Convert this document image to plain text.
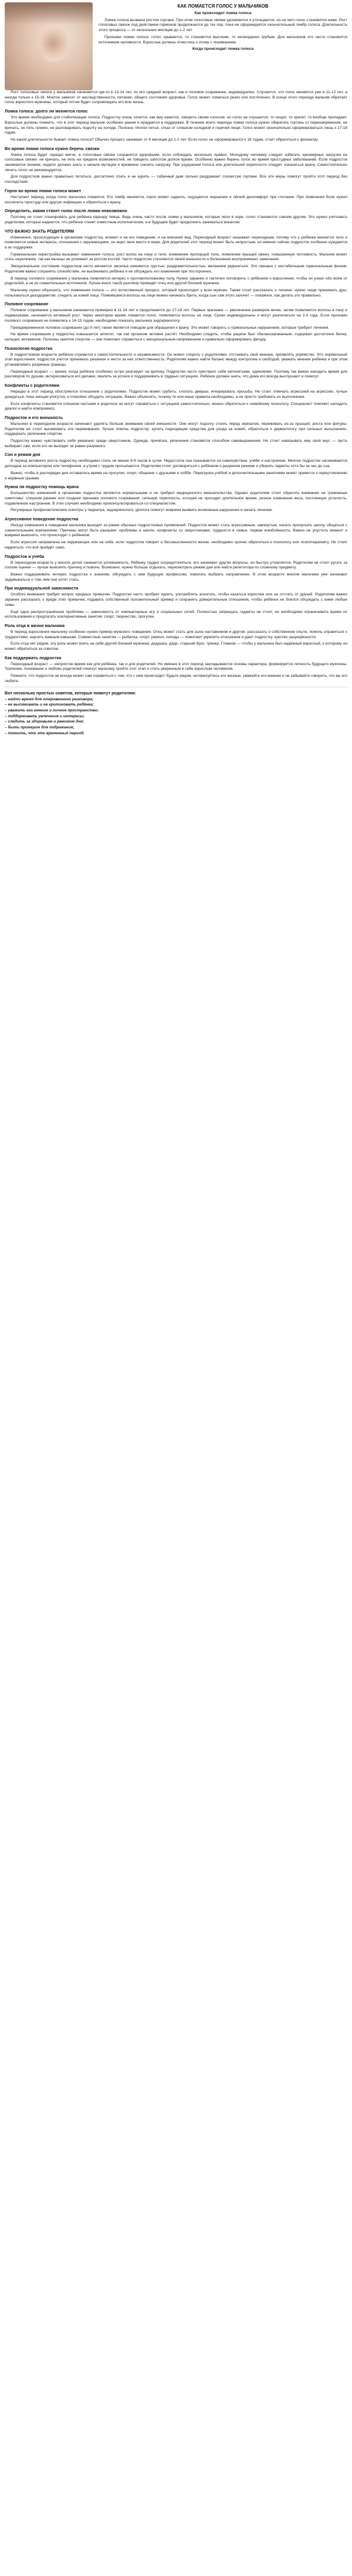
КАК ЛОМАЕТСЯ ГОЛОС У МАЛЬЧИКОВ
Как происходит ломка голоса

Ломка голоса вызвана ростом гортани. При этом голосовые связки удлиняются и утолщаются, из-за чего голос становится ниже. Рост голосовых связок под действием гормонов продолжается до тех пор, пока не сформируется окончательный тембр голоса. Длительность этого процесса — от нескольких месяцев до 1-2 лет.

Признаки ломки голоса: голос срывается, то становится высоким, то неожиданно грубым. Для мальчиков это часто становится источником неловкости. Взрослые должны отнестись к этому с пониманием.

Когда происходит ломка голоса

Рост голосовых связок у мальчиков начинается где-то в 13-14 лет, по его средней возраст, как и половое созревание, индивидуален. Случается, что голос меняется уже в 11-12 лет, а иногда только к 15-16. Многое зависит от наследственности, питания, общего состояния здоровья. Голос может ломаться резко или постепенно. В конце этого периода мальчик обретает голос взрослого мужчины, который потом будет сопровождать его всю жизнь.

Ломка голоса: долго ли меняется голос

Это время необходимо для стабилизации голоса. Подростку очень хочется, как ему кажется, говорить своим голосом, но голос не слушается: то пищит, то хрипит, то вообще пропадает. Взрослые должны помнить, что в этот период мальчик особенно раним и нуждается в поддержке. В течение всего периода ломки голоса нужно оберегать гортань от перенапряжения, не кричать, не петь громко, не разговаривать подолгу на холоде. Полезно тёплое питьё, отказ от слишком холодной и горячей пищи. Голос может окончательно сформироваться лишь к 17-18 годам.

Но какой длительности бывает ломка голоса? Обычно процесс занимает от 6 месяцев до 1-2 лет. Если голос не сформировался к 18 годам, стоит обратиться к фониатру.

Во время ломки голоса нужно беречь связки

Ломка голоса будет гораздо мягче, а голосовые связки сохранятся здоровыми, если соблюдать несколько правил. Молодому человеку следует избегать чрезмерных нагрузок на голосовые связки: не кричать, не петь на пределе возможностей, не говорить шёпотом долгое время. Особенно важно беречь голос во время простудных заболеваний. Если подросток занимается пением, педагог должен знать о начале мутации и временно снизить нагрузку. При ухудшении голоса или длительной охриплости следует показаться врачу. Самостоятельно лечить голос не рекомендуется.

Для подростков важно правильно питаться, достаточно спать и не курить — табачный дым сильно раздражает слизистую гортани. Все эти меры помогут пройти этот период без последствий.

Горло во время ломки голоса может

Наступает период, когда голос мальчика ломается. Его тембр меняется, горло может саднить, ощущается першение и лёгкий дискомфорт при глотании. При появлении боли нужно исключить простуду или другую инфекцию и обратиться к врачу.

Определить, каким станет голос после ломки невозможно

Поэтому не стоит планировать для ребёнка карьеру певца. Ведь очень часто после ломки у мальчиков, которые пели в хоре, голос становится совсем другим. Это нужно учитывать родителям, которые надеются, что ребёнок станет известным исполнителем, и в будущем будет продолжать заниматься вокалом.

ЧТО ВАЖНО ЗНАТЬ РОДИТЕЛЯМ

Изменения, происходящие в организме подростка, влияют и на его поведение, и на внешний вид. Переходный возраст называют переходным, потому что у ребёнка меняется тело и появляются новые интересы, отношения с окружающими, он ищет свое место в мире. Для родителей этот период может быть непростым, но именно сейчас подросток особенно нуждается в их поддержке.

Гормональная перестройка вызывает изменение голоса, рост волос на лице и теле, изменение пропорций тела, появление прыщей (акне), повышенную потливость. Мальчик может стать неуклюжим, так как мышцы не успевают за ростом костей. Часто подростки стесняются своей внешности и болезненно воспринимают замечания.

Эмоциональное состояние подростков часто меняется: веселье сменяется грустью, раздражительностью, желанием уединиться. Это связано с нестабильным гормональным фоном. Родителям важно сохранять спокойствие, не высмеивать ребёнка и не обсуждать его изменения при посторонних.

В период полового созревания у мальчика появляется интерес к противоположному полу. Нужно заранее и тактично поговорить с ребёнком о взрослении, чтобы он узнал обо всём от родителей, а не из сомнительных источников. Лучше всего такой разговор проведёт отец или другой близкий мужчина.

Мальчику нужно объяснить, что изменения голоса — это естественный процесс, который происходит у всех мужчин. Также стоит рассказать о гигиене: нужно чаще принимать душ, пользоваться дезодорантом, следить за кожей лица. Появившиеся волосы на лице можно начинать брить, когда сын сам этого захочет — покажите, как делать это правильно.

Половое созревание

Половое созревание у мальчиков начинается примерно в 11-14 лет и продолжается до 17-18 лет. Первые признаки — увеличение размеров яичек, затем появляются волосы в паху и подмышками, начинается активный рост. Через некоторое время ломается голос, появляются волосы на лице. Сроки индивидуальны и могут различаться на 2-3 года. Если признаки полового созревания не появились к 14-15 годам, необходимо показать мальчика эндокринологу.

Преждевременное половое созревание (до 9 лет) также является поводом для обращения к врачу. Это может говорить о гормональных нарушениях, которые требуют лечения.

На время созревания у подростка повышается аппетит, так как организм активно растёт. Необходимо следить, чтобы рацион был сбалансированным, содержал достаточно белка, кальция, витаминов. Полезны занятия спортом — они помогают справиться с эмоциональным напряжением и правильно сформировать фигуру.

Психология подростка

В подростковом возрасте ребёнок стремится к самостоятельности и независимости. Он может спорить с родителями, отстаивать своё мнение, проявлять упрямство. Это нормальный этап взросления: подросток учится принимать решения и нести за них ответственность. Родителям важно найти баланс между контролем и свободой, уважать мнение ребёнка и при этом устанавливать разумные границы.

Переходный возраст — время, когда ребёнок особенно остро реагирует на критику. Подростки часто чувствуют себя непонятыми, одинокими. Поэтому так важно находить время для разговоров по душам, интересоваться его делами, хвалить за успехи и поддерживать в трудных ситуациях. Ребёнок должен знать, что дома его всегда выслушают и помогут.

Конфликты с родителями

Нередко в этот период обостряются отношения с родителями. Подросток может грубить, хлопать дверью, игнорировать просьбы. Не стоит отвечать агрессией на агрессию: лучше дождаться, пока эмоции улягутся, и спокойно обсудить ситуацию. Важно объяснять, почему те или иные правила необходимы, а не просто требовать их выполнения.

Если конфликты становятся слишком частыми и родители не могут справиться с ситуацией самостоятельно, можно обратиться к семейному психологу. Специалист поможет наладить диалог и найти компромисс.

Подросток и его внешность

Мальчики в переходном возрасте начинают уделять больше внимания своей внешности. Они могут подолгу стоять перед зеркалом, переживать из-за прыщей, роста или фигуры. Родителям не стоит высмеивать эти переживания. Лучше помочь подростку: купить подходящие средства для ухода за кожей, обратиться к дерматологу при сильных высыпаниях, поддержать увлечение спортом.

Подростку важно чувствовать себя уверенно среди сверстников. Одежда, причёска, увлечения становятся способом самовыражения. Не стоит навязывать ему свой вкус — пусть выбирает сам, если это не выходит за рамки разумного.

Сон и режим дня

В период активного роста подростку необходимо спать не менее 8-9 часов в сутки. Недостаток сна сказывается на самочувствии, учёбе и настроении. Многие подростки засиживаются допоздна за компьютером или телефоном, а утром с трудом просыпаются. Родителям стоит договориться с ребёнком о разумном режиме и убирать гаджеты хотя бы за час до сна.

Важно, чтобы в распорядке дня оставалось время на прогулки, спорт, общение с друзьями и хобби. Перегрузка учёбой и дополнительными занятиями может привести к переутомлению и нервным срывам.

Нужна ли подростку помощь врача

Большинство изменений в организме подростка являются нормальными и не требуют медицинского вмешательства. Однако родителям стоит обратить внимание на тревожные симптомы: слишком ранние или поздние признаки полового созревания, сильную охриплость, которая не проходит длительное время, резкое изменение веса, постоянную усталость, подавленное настроение. В этих случаях необходимо проконсультироваться со специалистом.

Регулярные профилактические осмотры у педиатра, эндокринолога, уролога помогут вовремя выявить возможные нарушения и начать лечение.

Агрессивное поведение подростка

Иногда изменения в поведении мальчика выходят за рамки обычных подростковых проявлений. Подросток может стать агрессивным, замкнутым, начать пропускать школу, общаться с сомнительными компаниями. Причины могут быть разными: проблемы в школе, конфликты со сверстниками, трудности в семье, первая влюблённость. Важно не упустить момент и вовремя выяснить, что происходит с ребёнком.

Если агрессия направлена на окружающих или на себя, если подросток говорит о бессмысленности жизни, необходимо срочно обратиться к психологу или психотерапевту. Не стоит надеяться, что всё пройдёт само.

Подросток и учёба

В переходном возрасте у многих детей снижается успеваемость. Ребёнку трудно сосредоточиться, его занимают другие вопросы, он быстро утомляется. Родителям не стоит ругать за плохие оценки — лучше выяснить причину и помочь. Возможно, нужно больше отдыхать, пересмотреть режим дня или найти репетитора по сложному предмету.

Важно поддерживать интерес подростка к знаниям, обсуждать с ним будущую профессию, помогать выбрать направление. В этом возрасте многие мальчики уже начинают задумываться о том, кем они хотят стать.

При индивидуальной зависимости

Особого внимания требует вопрос вредных привычек. Подростки часто пробуют курить, употреблять алкоголь, чтобы казаться взрослее или не отстать от друзей. Родителям важно заранее рассказать о вреде этих привычек, подавать собственный положительный пример и сохранять доверительные отношения, чтобы ребёнок не боялся обсуждать с ними любые темы.

Ещё одна распространённая проблема — зависимость от компьютерных игр и социальных сетей. Полностью запрещать гаджеты не стоит, но необходимо ограничивать время их использования и предлагать альтернативные занятия: спорт, творчество, прогулки.

Роль отца в жизни мальчика

В период взросления мальчику особенно нужен пример мужского поведения. Отец может стать для сына наставником и другом: рассказать о собственном опыте, помочь справиться с трудностями, научить важным навыкам. Совместные занятия — рыбалка, спорт, ремонт, походы — помогают укрепить отношения и дают подростку чувство защищённости.

Если отца нет рядом, эту роль может взять на себя другой близкий мужчина: дедушка, дядя, старший брат, тренер. Главное — чтобы у мальчика был надёжный взрослый, к которому он может обратиться за советом.

Как поддержать подростка

Переходный возраст — непростое время как для ребёнка, так и для родителей. Но именно в этот период закладываются основы характера, формируется личность будущего мужчины. Терпение, понимание и любовь родителей помогут мальчику пройти этот этап и стать уверенным в себе взрослым человеком.

Помните, что подросток не всегда может сам справиться с тем, что с ним происходит. Будьте рядом, интересуйтесь его жизнью, уважайте его мнение и не забывайте говорить, что вы его любите.

Вот несколько простых советов, которые помогут родителям:
– найти время для откровенного разговора;
– не высмеивать и не критиковать ребёнка;
– уважать его мнение и личное пространство;
– поддерживать увлечения и интересы;
– следить за здоровьем и режимом дня;
– быть примером для подражания;
– помнить, что это временный период.
